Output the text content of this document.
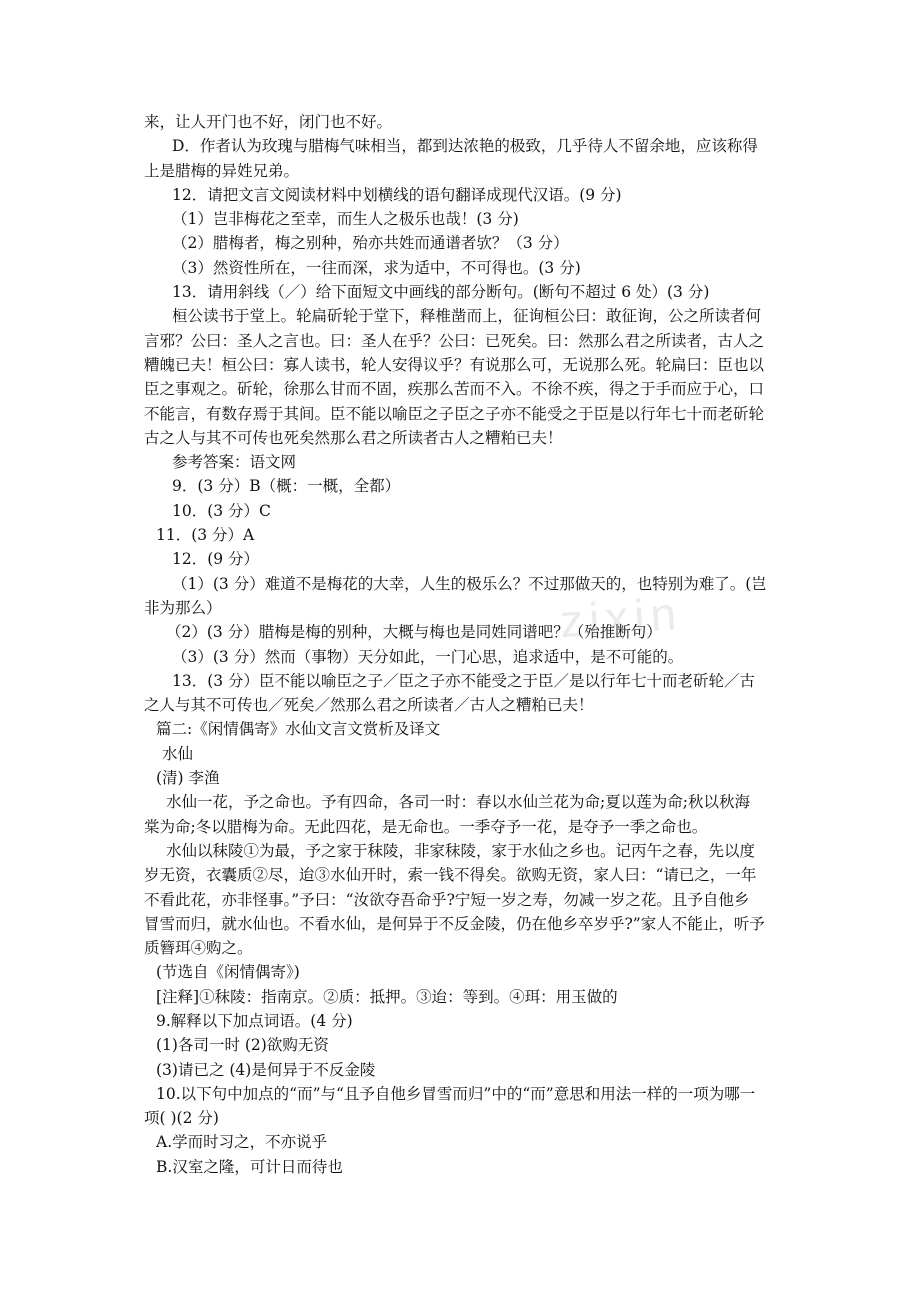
zixin
来，让人开门也不好，闭门也不好。
D．作者认为玫瑰与腊梅气味相当，都到达浓艳的极致，几乎待人不留余地，应该称得
上是腊梅的异姓兄弟。
12．请把文言文阅读材料中划横线的语句翻译成现代汉语。(9 分)
（1）岂非梅花之至幸，而生人之极乐也哉！(3 分)
（2）腊梅者，梅之别种，殆亦共姓而通谱者欤？（3 分）
（3）然资性所在，一往而深，求为适中，不可得也。(3 分)
13．请用斜线（／）给下面短文中画线的部分断句。(断句不超过 6 处）(3 分)
桓公读书于堂上。轮扁斫轮于堂下，释椎凿而上，征询桓公曰：敢征询，公之所读者何
言邪？公曰：圣人之言也。曰：圣人在乎？公曰：已死矣。曰：然那么君之所读者，古人之
糟魄已夫！桓公曰：寡人读书，轮人安得议乎？有说那么可，无说那么死。轮扁曰：臣也以
臣之事观之。斫轮，徐那么甘而不固，疾那么苦而不入。不徐不疾，得之于手而应于心，口
不能言，有数存焉于其间。臣不能以喻臣之子臣之子亦不能受之于臣是以行年七十而老斫轮
古之人与其不可传也死矣然那么君之所读者古人之糟粕已夫！
参考答案：语文网
9．(3 分）B（概：一概，全都）
10．(3 分）C
11．(3 分）A
12．(9 分）
（1）(3 分）难道不是梅花的大幸，人生的极乐么？不过那做天的，也特别为难了。(岂
非为那么）
（2）(3 分）腊梅是梅的别种，大概与梅也是同姓同谱吧？（殆推断句）
（3）(3 分）然而（事物）天分如此，一门心思，追求适中，是不可能的。
13．(3 分）臣不能以喻臣之子／臣之子亦不能受之于臣／是以行年七十而老斫轮／古
之人与其不可传也／死矣／然那么君之所读者／古人之糟粕已夫！
篇二:《闲情偶寄》水仙文言文赏析及译文
水仙
(清) 李渔
水仙一花，予之命也。予有四命，各司一时：春以水仙兰花为命;夏以莲为命;秋以秋海
棠为命;冬以腊梅为命。无此四花，是无命也。一季夺予一花，是夺予一季之命也。
水仙以秣陵①为最，予之家于秣陵，非家秣陵，家于水仙之乡也。记丙午之春，先以度
岁无资，衣囊质②尽，迨③水仙开时，索一钱不得矣。欲购无资，家人曰：“请已之，一年
不看此花，亦非怪事。”予曰：“汝欲夺吾命乎?宁短一岁之寿，勿减一岁之花。且予自他乡
冒雪而归，就水仙也。不看水仙，是何异于不反金陵，仍在他乡卒岁乎?”家人不能止，听予
质簪珥④购之。
(节选自《闲情偶寄》)
[注释]①秣陵：指南京。②质：抵押。③迨：等到。④珥：用玉做的
9.解释以下加点词语。(4 分)
(1)各司一时 (2)欲购无资
(3)请已之 (4)是何异于不反金陵
10.以下句中加点的“而”与“且予自他乡冒雪而归”中的“而”意思和用法一样的一项为哪一
项( )(2 分)
A.学而时习之，不亦说乎
B.汉室之隆，可计日而待也
